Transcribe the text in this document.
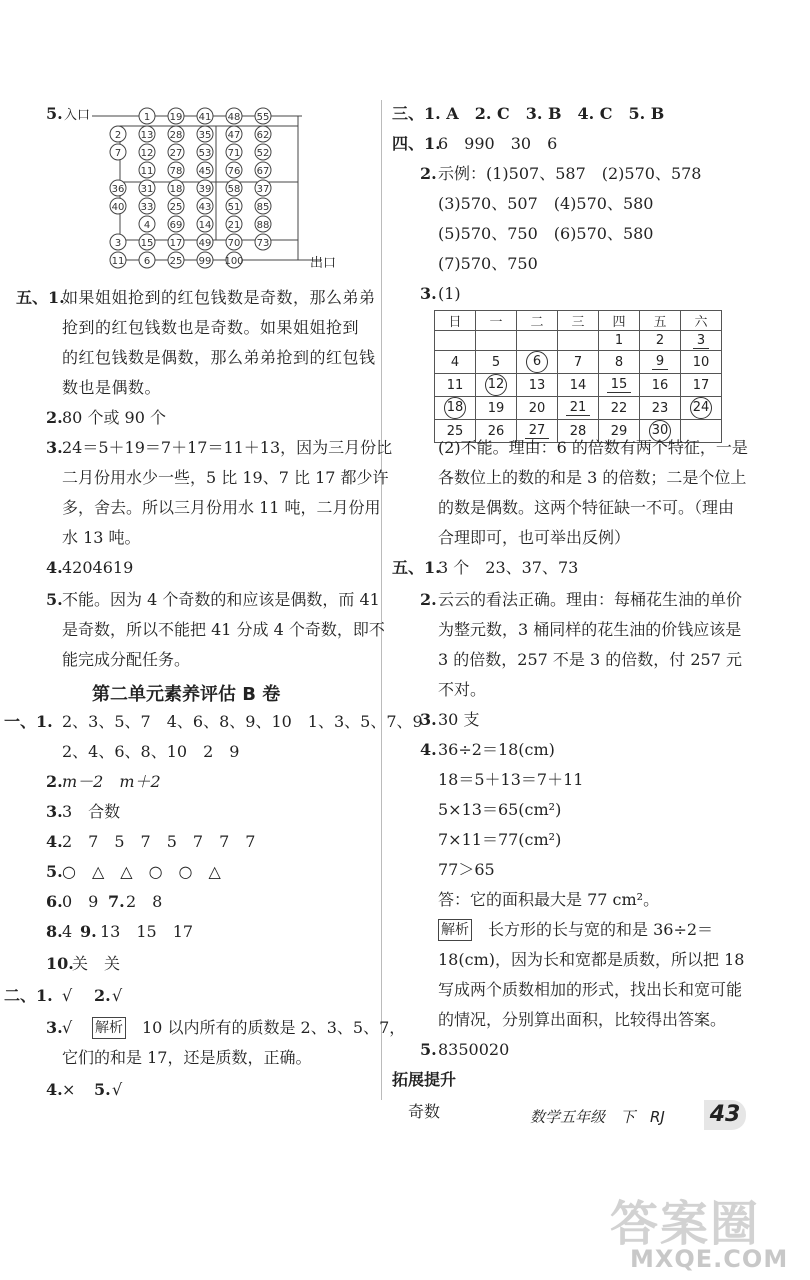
5. 入口	1 19 41 48 55
2 13 28 35 47 62
7 12 27 53 71 52
11 78 45 76 67
36 31 18 39 58 37
40 33 25 43 51 85
4 69 14 21 88
3 15 17 49 70 73
11 6 25 99 100	出口
五、1.
如果姐姐抢到的红包钱数是奇数，那么弟弟
抢到的红包钱数也是奇数。如果姐姐抢到
的红包钱数是偶数，那么弟弟抢到的红包钱
数也是偶数。
2. 80 个或 90 个
3. 24＝5＋19＝7＋17＝11＋13，因为三月份比
二月份用水少一些，5 比 19、7 比 17 都少许
多，舍去。所以三月份用水 11 吨，二月份用
水 13 吨。
4. 4204619
5. 不能。因为 4 个奇数的和应该是偶数，而 41
是奇数，所以不能把 41 分成 4 个奇数，即不
能完成分配任务。
第二单元素养评估 B 卷
一、1. 2、3、5、7　4、6、8、9、10　1、3、5、7、9
2、4、6、8、10　2　9
2. m－2　m＋2
3. 3　合数
4. 2　7　5　7　5　7　7　7
5. ○　△　△　○　○　△
6. 0　9 7. 2　8
8. 4 9. 13　15　17
10.
关　关
二、1. √ 2. √
3. √ 解析 10 以内所有的质数是 2、3、5、7，
它们的和是 17，还是质数，正确。
4. × 5. √
三、1. A　2. C　3. B　4. C　5. B
四、1.
6　990　30　6
2. 示例：(1)507、587　(2)570、578
(3)570、507　(4)570、580
(5)570、750　(6)570、580
(7)570、750
3. (1)
日	一	二	三	四	五	六
				1	2	3
4	5	6	7	8	9	10
11	12	13	14	15	16	17
18	19	20	21	22	23	24
25	26	27	28	29	30	
(2)不能。理由：6 的倍数有两个特征，一是
各数位上的数的和是 3 的倍数；二是个位上
的数是偶数。这两个特征缺一不可。（理由
合理即可，也可举出反例）
五、1.
3 个　23、37、73
2. 云云的看法正确。理由：每桶花生油的单价
为整元数，3 桶同样的花生油的价钱应该是
3 的倍数，257 不是 3 的倍数，付 257 元
不对。
3. 30 支
4. 36÷2＝18(cm)
18＝5＋13＝7＋11
5×13＝65(cm²)
7×11＝77(cm²)
77＞65
答：它的面积最大是 77 cm²。
解析 长方形的长与宽的和是 36÷2＝
18(cm)，因为长和宽都是质数，所以把 18
写成两个质数相加的形式，找出长和宽可能
的情况，分别算出面积，比较得出答案。
5. 8350020
拓展提升
奇数	数学五年级　下　RJ 43
答案圈
MXQE.COM
